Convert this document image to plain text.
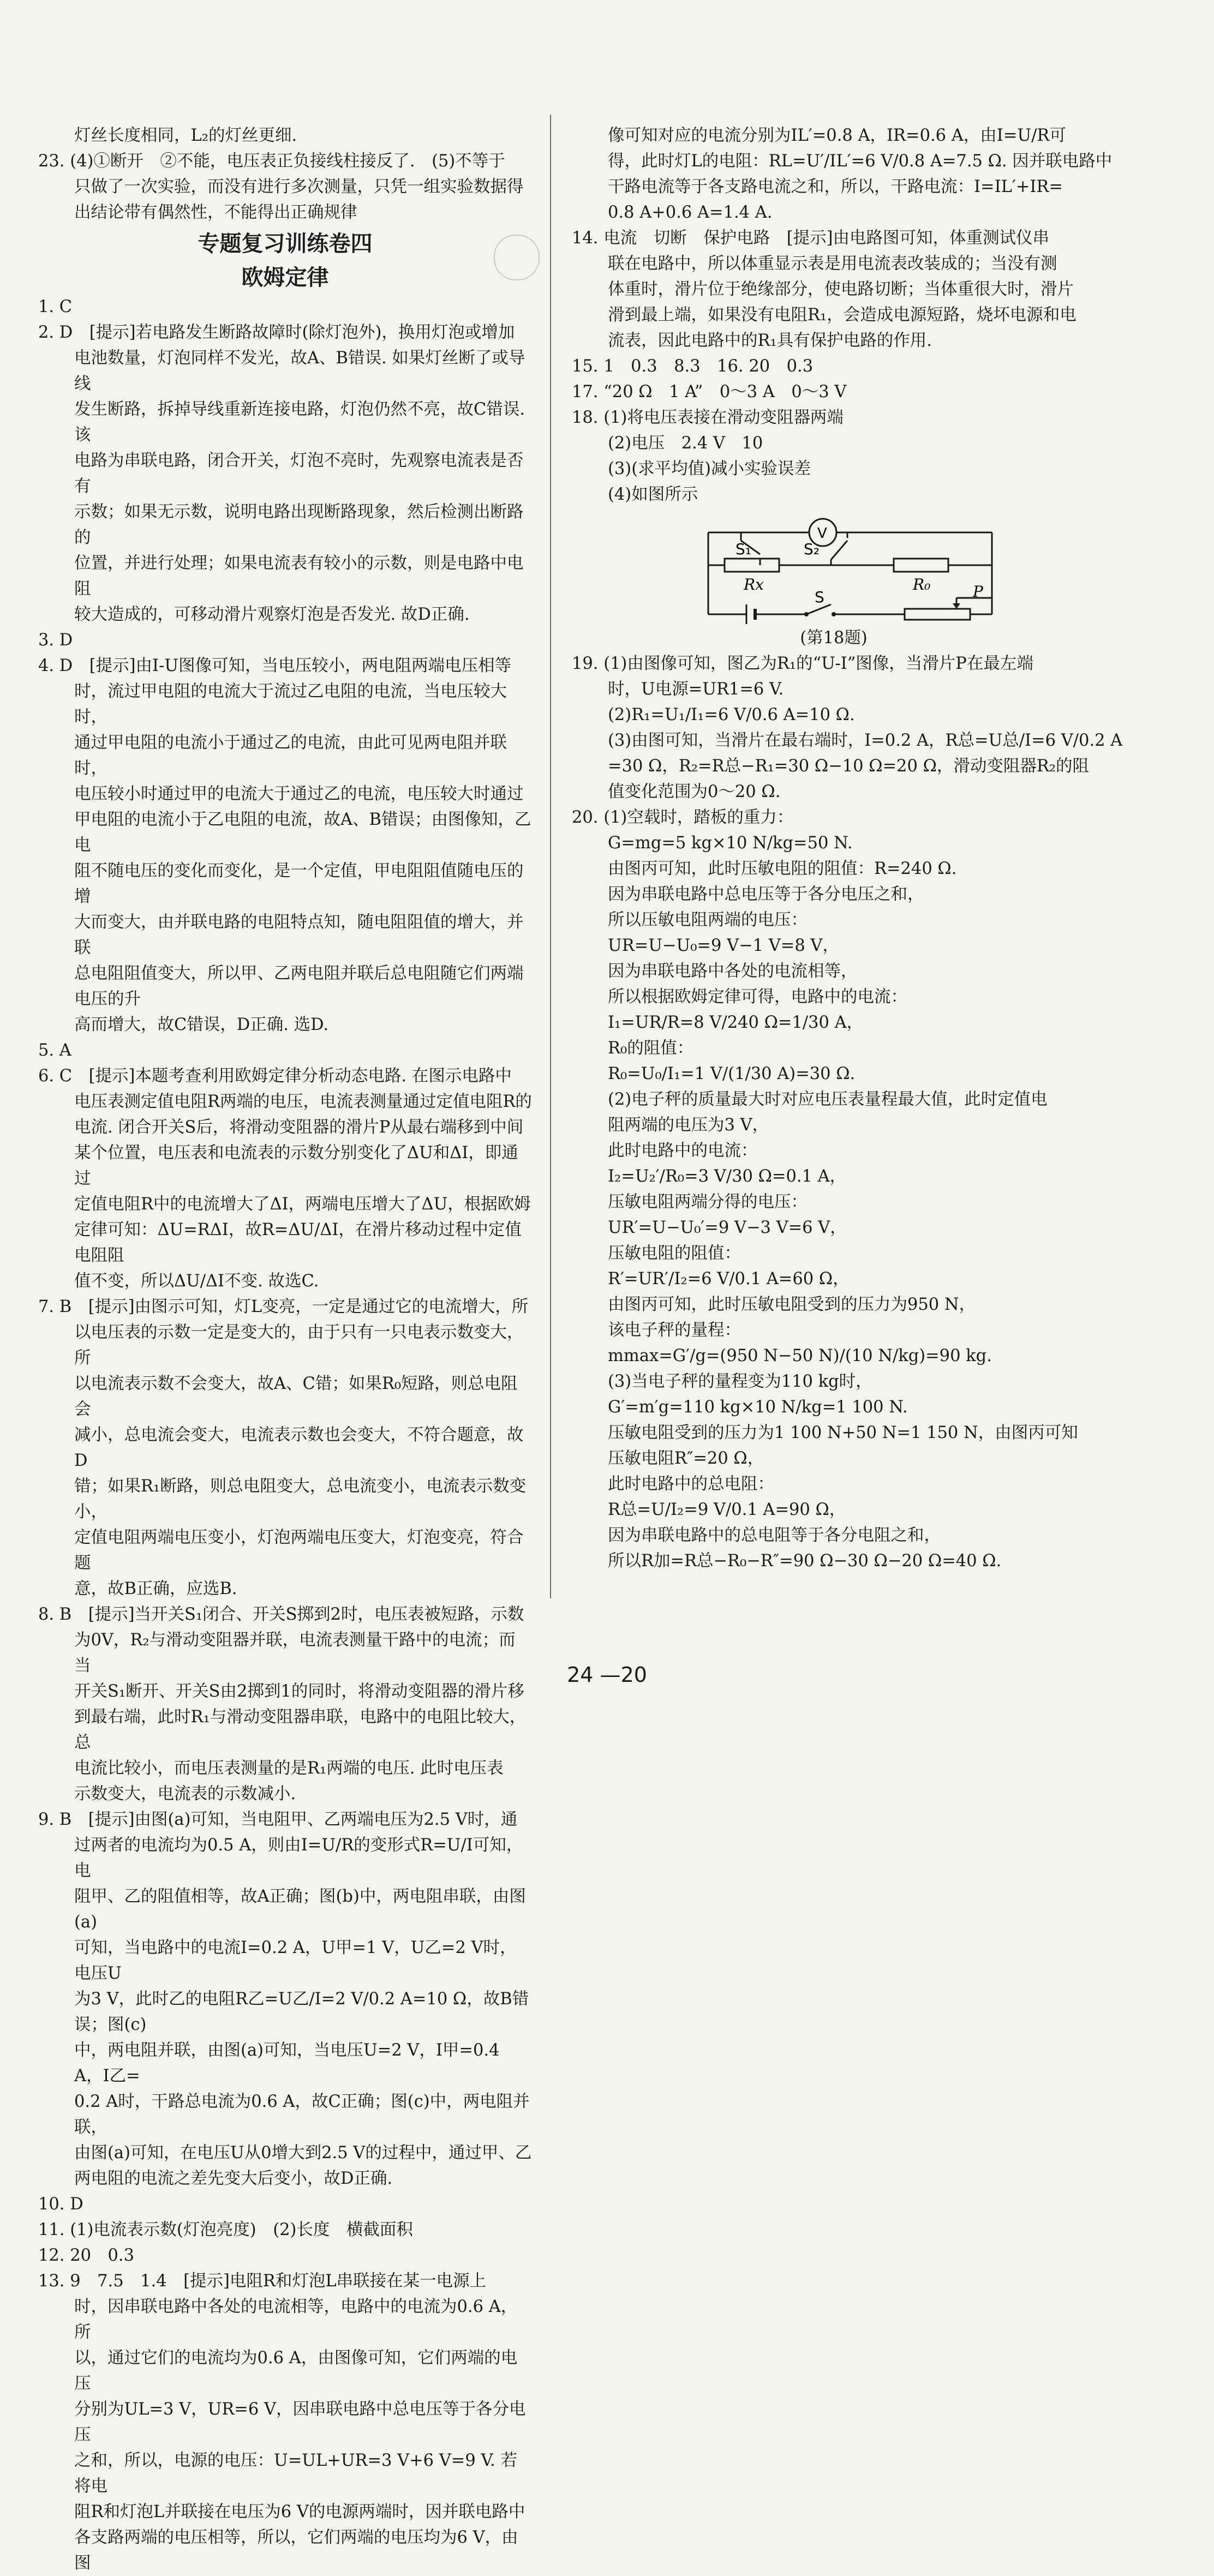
灯丝长度相同，L₂的灯丝更细.

23. (4)①断开　②不能，电压表正负接线柱接反了.　(5)不等于

只做了一次实验，而没有进行多次测量，只凭一组实验数据得

出结论带有偶然性，不能得出正确规律

专题复习训练卷四
欧姆定律

1. C

2. D　[提示]若电路发生断路故障时(除灯泡外)，换用灯泡或增加

电池数量，灯泡同样不发光，故A、B错误. 如果灯丝断了或导线

发生断路，拆掉导线重新连接电路，灯泡仍然不亮，故C错误. 该

电路为串联电路，闭合开关，灯泡不亮时，先观察电流表是否有

示数；如果无示数，说明电路出现断路现象，然后检测出断路的

位置，并进行处理；如果电流表有较小的示数，则是电路中电阻

较大造成的，可移动滑片观察灯泡是否发光. 故D正确.

3. D

4. D　[提示]由I-U图像可知，当电压较小，两电阻两端电压相等

时，流过甲电阻的电流大于流过乙电阻的电流，当电压较大时，

通过甲电阻的电流小于通过乙的电流，由此可见两电阻并联时，

电压较小时通过甲的电流大于通过乙的电流，电压较大时通过

甲电阻的电流小于乙电阻的电流，故A、B错误；由图像知，乙电

阻不随电压的变化而变化，是一个定值，甲电阻阻值随电压的增

大而变大，由并联电路的电阻特点知，随电阻阻值的增大，并联

总电阻阻值变大，所以甲、乙两电阻并联后总电阻随它们两端电压的升

高而增大，故C错误，D正确. 选D.

5. A

6. C　[提示]本题考查利用欧姆定律分析动态电路. 在图示电路中

电压表测定值电阻R两端的电压，电流表测量通过定值电阻R的

电流. 闭合开关S后，将滑动变阻器的滑片P从最右端移到中间

某个位置，电压表和电流表的示数分别变化了ΔU和ΔI，即通过

定值电阻R中的电流增大了ΔI，两端电压增大了ΔU，根据欧姆

定律可知：ΔU=RΔI，故R=ΔU/ΔI，在滑片移动过程中定值电阻阻

值不变，所以ΔU/ΔI不变. 故选C.

7. B　[提示]由图示可知，灯L变亮，一定是通过它的电流增大，所

以电压表的示数一定是变大的，由于只有一只电表示数变大，所

以电流表示数不会变大，故A、C错；如果R₀短路，则总电阻会

减小，总电流会变大，电流表示数也会变大，不符合题意，故D

错；如果R₁断路，则总电阻变大，总电流变小，电流表示数变小，

定值电阻两端电压变小，灯泡两端电压变大，灯泡变亮，符合题

意，故B正确，应选B.

8. B　[提示]当开关S₁闭合、开关S掷到2时，电压表被短路，示数

为0V，R₂与滑动变阻器并联，电流表测量干路中的电流；而当

开关S₁断开、开关S由2掷到1的同时，将滑动变阻器的滑片移

到最右端，此时R₁与滑动变阻器串联，电路中的电阻比较大，总

电流比较小，而电压表测量的是R₁两端的电压. 此时电压表

示数变大，电流表的示数减小.

9. B　[提示]由图(a)可知，当电阻甲、乙两端电压为2.5 V时，通

过两者的电流均为0.5 A，则由I=U/R的变形式R=U/I可知，电

阻甲、乙的阻值相等，故A正确；图(b)中，两电阻串联，由图(a)

可知，当电路中的电流I=0.2 A，U甲=1 V，U乙=2 V时，电压U

为3 V，此时乙的电阻R乙=U乙/I=2 V/0.2 A=10 Ω，故B错误；图(c)

中，两电阻并联，由图(a)可知，当电压U=2 V，I甲=0.4 A，I乙=

0.2 A时，干路总电流为0.6 A，故C正确；图(c)中，两电阻并联，

由图(a)可知，在电压U从0增大到2.5 V的过程中，通过甲、乙

两电阻的电流之差先变大后变小，故D正确.

10. D

11. (1)电流表示数(灯泡亮度)　(2)长度　横截面积

12. 20　0.3

13. 9　7.5　1.4　[提示]电阻R和灯泡L串联接在某一电源上

时，因串联电路中各处的电流相等，电路中的电流为0.6 A，所

以，通过它们的电流均为0.6 A，由图像可知，它们两端的电压

分别为UL=3 V，UR=6 V，因串联电路中总电压等于各分电压

之和，所以，电源的电压：U=UL+UR=3 V+6 V=9 V. 若将电

阻R和灯泡L并联接在电压为6 V的电源两端时，因并联电路中

各支路两端的电压相等，所以，它们两端的电压均为6 V，由图

像可知对应的电流分别为IL′=0.8 A，IR=0.6 A，由I=U/R可

得，此时灯L的电阻：RL=U′/IL′=6 V/0.8 A=7.5 Ω. 因并联电路中

干路电流等于各支路电流之和，所以，干路电流：I=IL′+IR=

0.8 A+0.6 A=1.4 A.

14. 电流　切断　保护电路　[提示]由电路图可知，体重测试仪串

联在电路中，所以体重显示表是用电流表改装成的；当没有测

体重时，滑片位于绝缘部分，使电路切断；当体重很大时，滑片

滑到最上端，如果没有电阻R₁，会造成电源短路，烧坏电源和电

流表，因此电路中的R₁具有保护电路的作用.

15. 1　0.3　8.3　16. 20　0.3

17. “20 Ω　1 A”　0～3 A　0～3 V

18. (1)将电压表接在滑动变阻器两端

(2)电压　2.4 V　10

(3)(求平均值)减小实验误差

(4)如图所示

S₁	S₂
V
Rx	R₀
S	P
(第18题)

19. (1)由图像可知，图乙为R₁的“U-I”图像，当滑片P在最左端

时，U电源=UR1=6 V.

(2)R₁=U₁/I₁=6 V/0.6 A=10 Ω.

(3)由图可知，当滑片在最右端时，I=0.2 A，R总=U总/I=6 V/0.2 A

=30 Ω，R₂=R总−R₁=30 Ω−10 Ω=20 Ω，滑动变阻器R₂的阻

值变化范围为0～20 Ω.

20. (1)空载时，踏板的重力：

G=mg=5 kg×10 N/kg=50 N.

由图丙可知，此时压敏电阻的阻值：R=240 Ω.

因为串联电路中总电压等于各分电压之和，

所以压敏电阻两端的电压：

UR=U−U₀=9 V−1 V=8 V，

因为串联电路中各处的电流相等，

所以根据欧姆定律可得，电路中的电流：

I₁=UR/R=8 V/240 Ω=1/30 A，

R₀的阻值：

R₀=U₀/I₁=1 V/(1/30 A)=30 Ω.

(2)电子秤的质量最大时对应电压表量程最大值，此时定值电

阻两端的电压为3 V，

此时电路中的电流：

I₂=U₂′/R₀=3 V/30 Ω=0.1 A，

压敏电阻两端分得的电压：

UR′=U−U₀′=9 V−3 V=6 V，

压敏电阻的阻值：

R′=UR′/I₂=6 V/0.1 A=60 Ω，

由图丙可知，此时压敏电阻受到的压力为950 N，

该电子秤的量程：

mmax=G′/g=(950 N−50 N)/(10 N/kg)=90 kg.

(3)当电子秤的量程变为110 kg时，

G′=m′g=110 kg×10 N/kg=1 100 N.

压敏电阻受到的压力为1 100 N+50 N=1 150 N，由图丙可知

压敏电阻R″=20 Ω，

此时电路中的总电阻：

R总=U/I₂=9 V/0.1 A=90 Ω，

因为串联电路中的总电阻等于各分电阻之和，

所以R加=R总−R₀−R″=90 Ω−30 Ω−20 Ω=40 Ω.

24 —20
